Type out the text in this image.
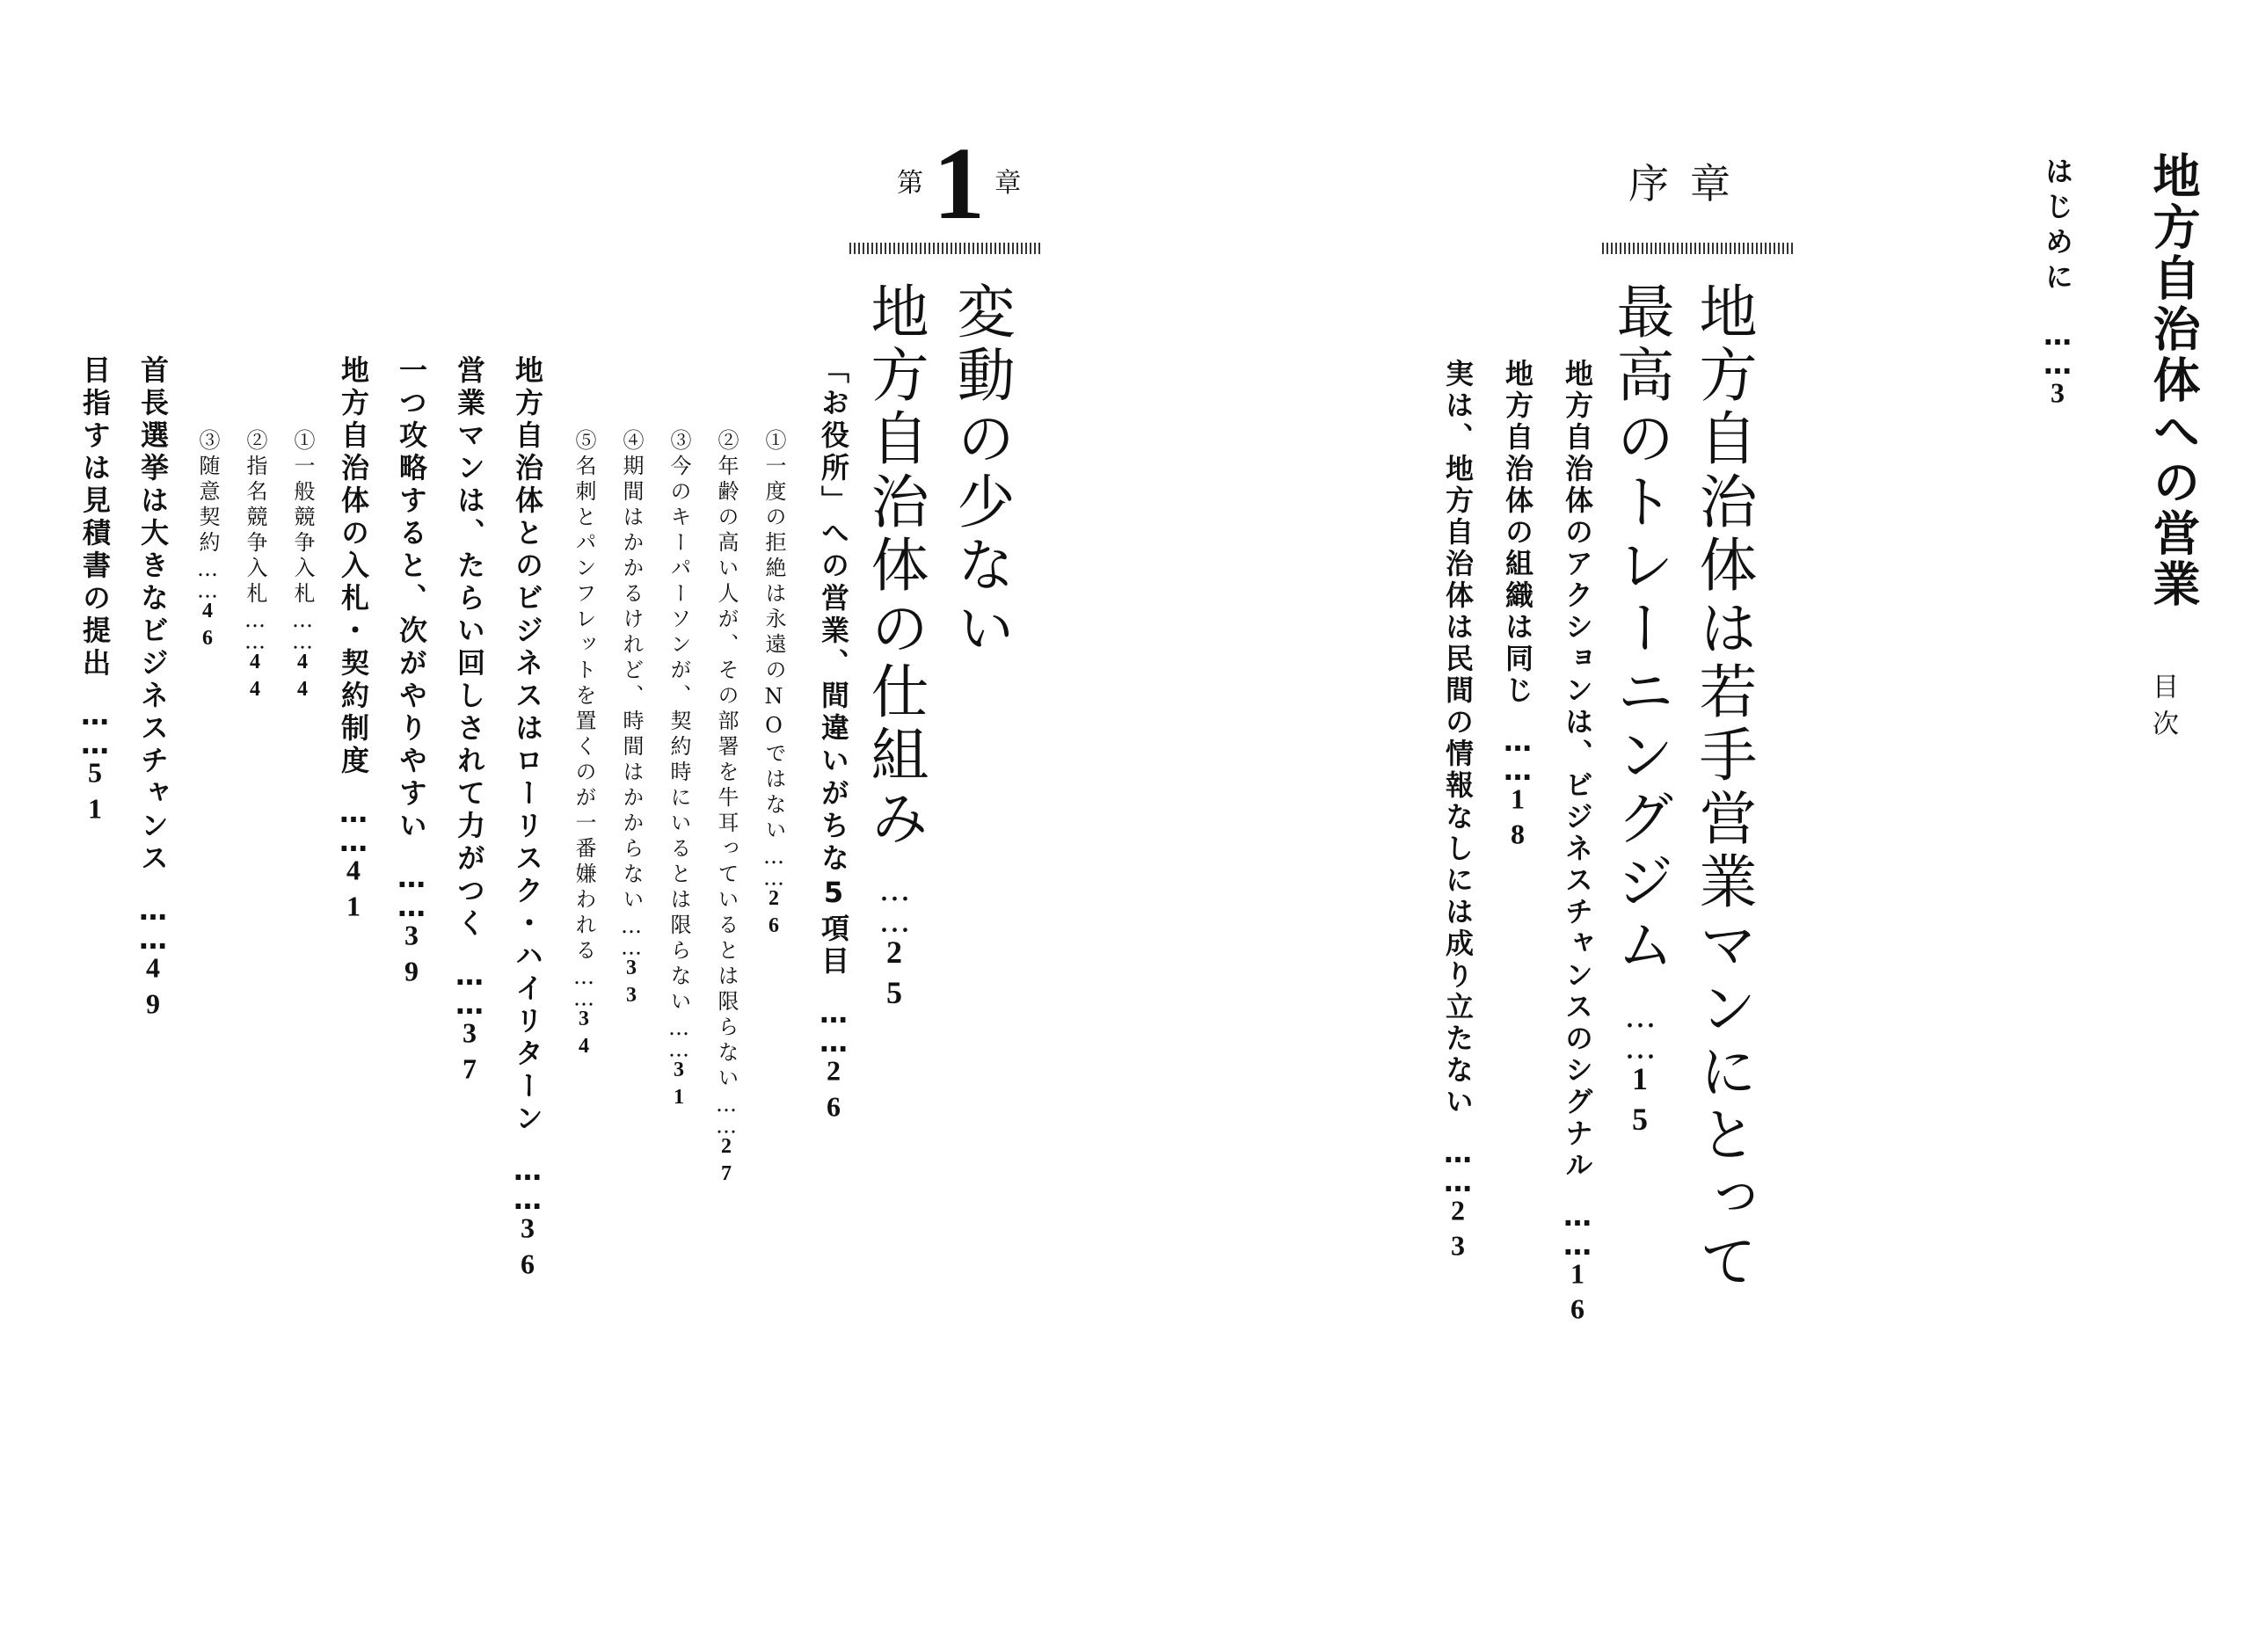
地方自治体への営業
目次
はじめに……3
序章
地方自治体は若手営業マンにとって
最高のトレーニングジム……15
地方自治体のアクションは、ビジネスチャンスのシグナル……16
地方自治体の組織は同じ……18
実は、地方自治体は民間の情報なしには成り立たない……23
第 1 章
変動の少ない
地方自治体の仕組み……25
「お役所」への営業、間違いがちな5項目……26
①一度の拒絶は永遠のNOではない……26
②年齢の高い人が、その部署を牛耳っているとは限らない……27
③今のキーパーソンが、契約時にいるとは限らない……31
④期間はかかるけれど、時間はかからない……33
⑤名刺とパンフレットを置くのが一番嫌われる……34
地方自治体とのビジネスはローリスク・ハイリターン……36
営業マンは、たらい回しされて力がつく……37
一つ攻略すると、次がやりやすい……39
地方自治体の入札・契約制度……41
①一般競争入札……44
②指名競争入札……44
③随意契約……46
首長選挙は大きなビジネスチャンス……49
目指すは見積書の提出……51
